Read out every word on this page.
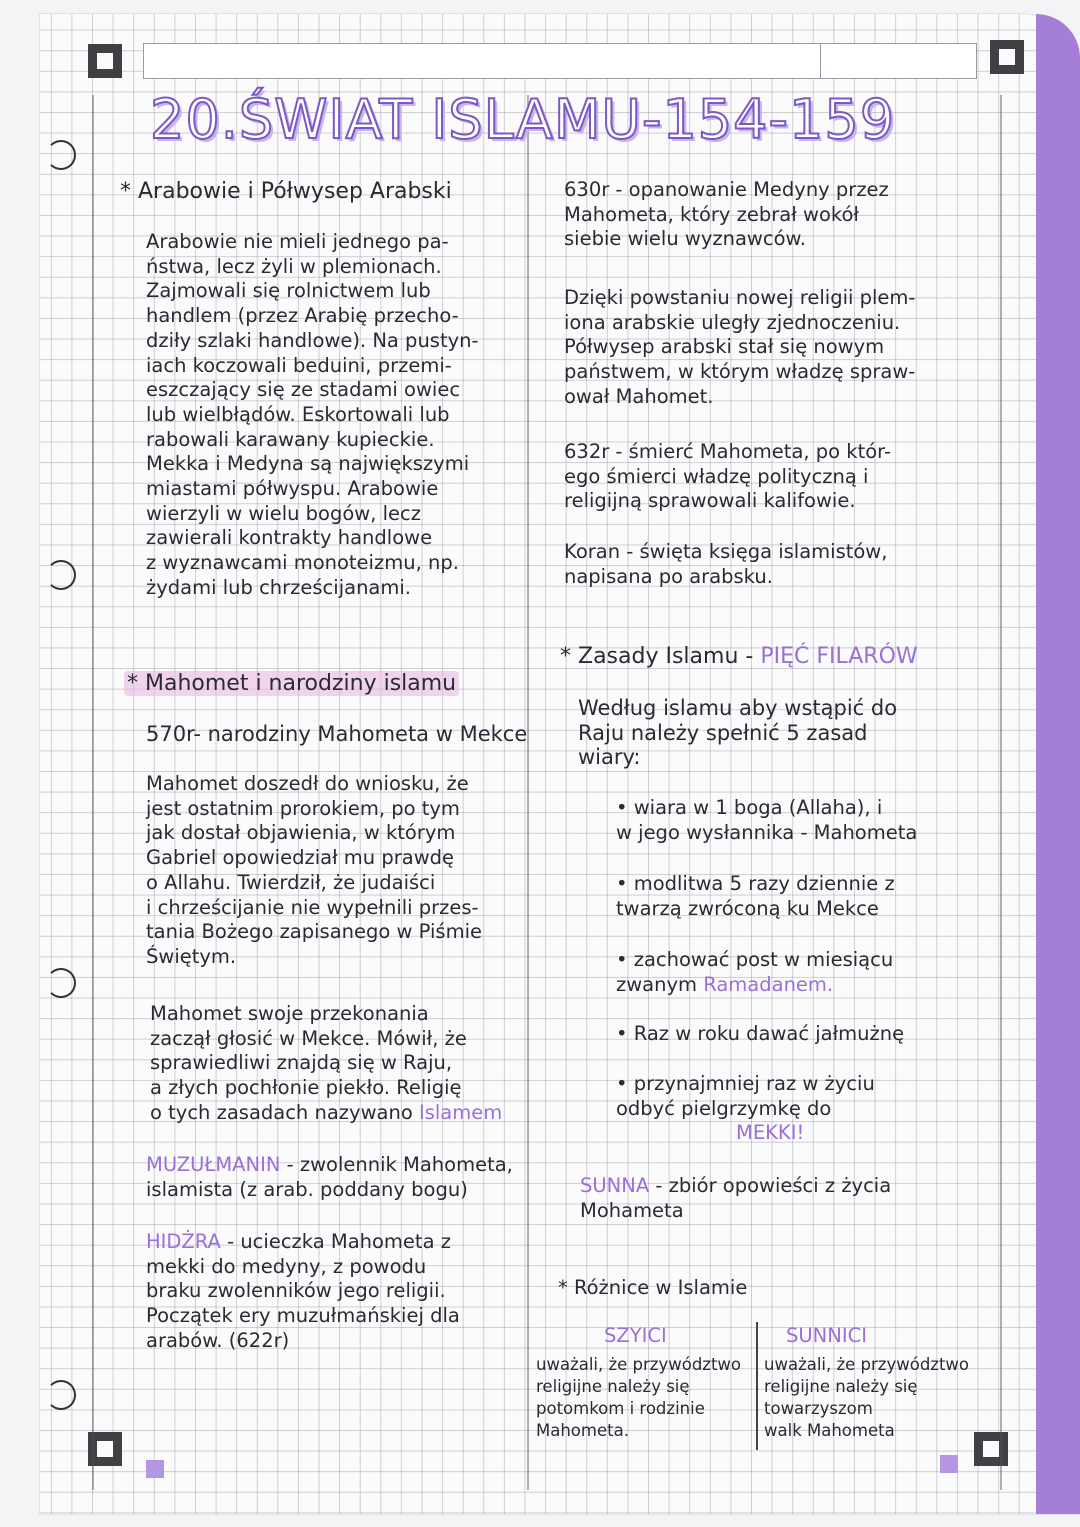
20.ŚWIAT ISLAMU-154-159
* Arabowie i Półwysep Arabski
Arabowie nie mieli jednego pa-
ństwa, lecz żyli w plemionach.
Zajmowali się rolnictwem lub
handlem (przez Arabię przecho-
dziły szlaki handlowe). Na pustyn-
iach koczowali beduini, przemi-
eszczający się ze stadami owiec
lub wielbłądów. Eskortowali lub
rabowali karawany kupieckie.
Mekka i Medyna są największymi
miastami półwyspu. Arabowie
wierzyli w wielu bogów, lecz
zawierali kontrakty handlowe
z wyznawcami monoteizmu, np.
żydami lub chrześcijanami.
* Mahomet i narodziny islamu
570r- narodziny Mahometa w Mekce
Mahomet doszedł do wniosku, że
jest ostatnim prorokiem, po tym
jak dostał objawienia, w którym
Gabriel opowiedział mu prawdę
o Allahu. Twierdził, że judaiści
i chrześcijanie nie wypełnili przes-
tania Bożego zapisanego w Piśmie
Świętym.
Mahomet swoje przekonania
zaczął głosić w Mekce. Mówił, że
sprawiedliwi znajdą się w Raju,
a złych pochłonie piekło. Religię
o tych zasadach nazywano Islamem
MUZUŁMANIN - zwolennik Mahometa,
islamista (z arab. poddany bogu)
HIDŻRA - ucieczka Mahometa z
mekki do medyny, z powodu
braku zwolenników jego religii.
Początek ery muzułmańskiej dla
arabów. (622r)
630r - opanowanie Medyny przez
Mahometa, który zebrał wokół
siebie wielu wyznawców.
Dzięki powstaniu nowej religii plem-
iona arabskie uległy zjednoczeniu.
Półwysep arabski stał się nowym
państwem, w którym władzę spraw-
ował Mahomet.
632r - śmierć Mahometa, po któr-
ego śmierci władzę polityczną i
religijną sprawowali kalifowie.
Koran - święta księga islamistów,
napisana po arabsku.
* Zasady Islamu - PIĘĆ FILARÓW
Według islamu aby wstąpić do
Raju należy spełnić 5 zasad
wiary:
• wiara w 1 boga (Allaha), i
w jego wysłannika - Mahometa
• modlitwa 5 razy dziennie z
twarzą zwróconą ku Mekce
• zachować post w miesiącu
zwanym Ramadanem.
• Raz w roku dawać jałmużnę
• przynajmniej raz w życiu
odbyć pielgrzymkę do
MEKKI!
SUNNA - zbiór opowieści z życia
Mohameta
* Różnice w Islamie
SZYICI	SUNNICI
uważali, że przywództwo
religijne należy się
potomkom i rodzinie
Mahometa.
uważali, że przywództwo
religijne należy się
towarzyszom
walk Mahometa
